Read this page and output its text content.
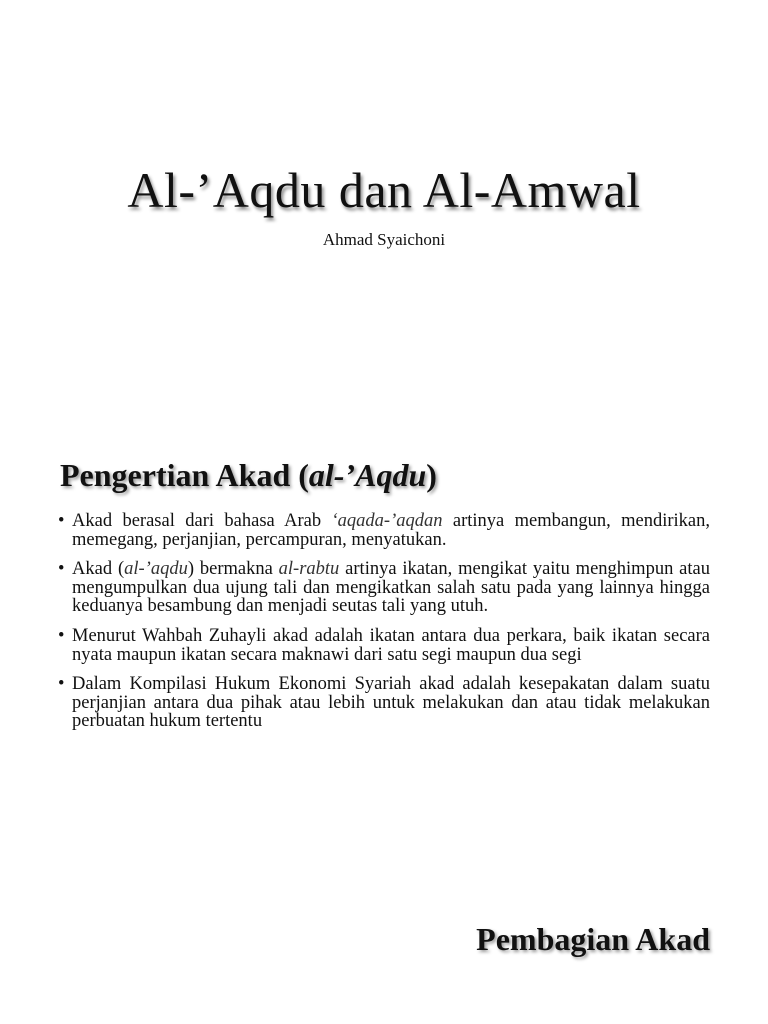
Al-’Aqdu dan Al-Amwal
Ahmad Syaichoni
Pengertian Akad (al-’Aqdu)
• Akad berasal dari bahasa Arab ‘aqada-’aqdan artinya membangun, mendirikan, memegang, perjanjian, percampuran, menyatukan.
• Akad (al-’aqdu) bermakna al-rabtu artinya ikatan, mengikat yaitu menghimpun atau mengumpulkan dua ujung tali dan mengikatkan salah satu pada yang lainnya hingga keduanya besambung dan menjadi seutas tali yang utuh.
• Menurut Wahbah Zuhayli akad adalah ikatan antara dua perkara, baik ikatan secara nyata maupun ikatan secara maknawi dari satu segi maupun dua segi
• Dalam Kompilasi Hukum Ekonomi Syariah akad adalah kesepakatan dalam suatu perjanjian antara dua pihak atau lebih untuk melakukan dan atau tidak melakukan perbuatan hukum tertentu
Pembagian Akad
